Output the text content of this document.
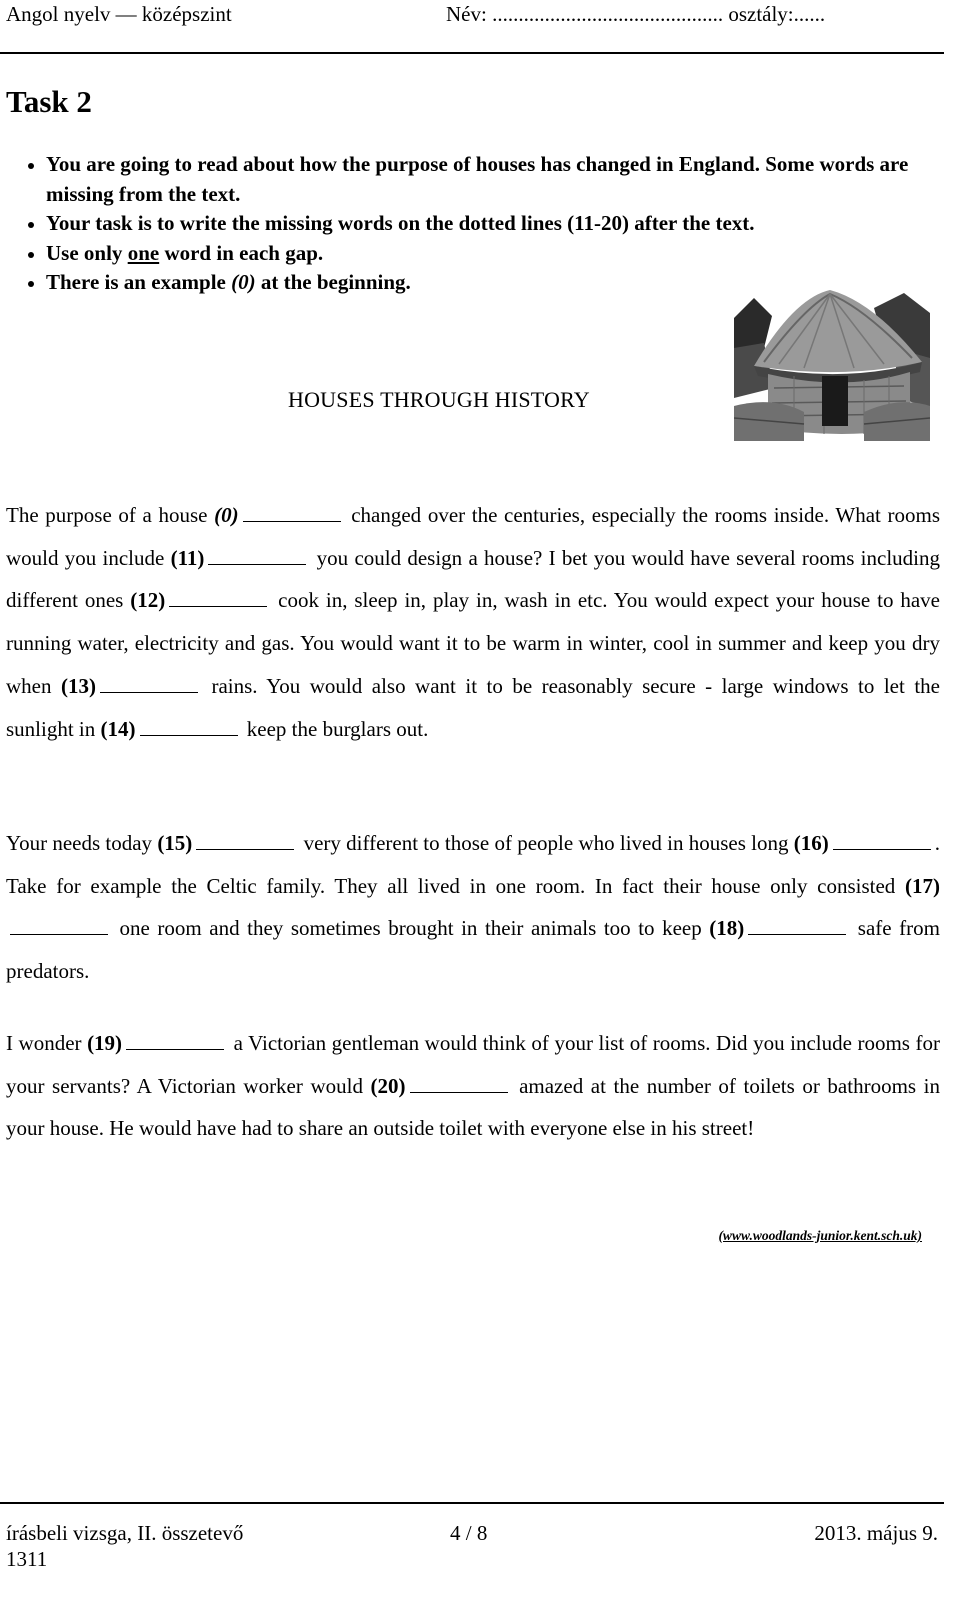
Angol nyelv — középszint	Név: ............................................ osztály:......
Task 2
• You are going to read about how the purpose of houses has changed in England. Some words are missing from the text.
• Your task is to write the missing words on the dotted lines (11-20) after the text.
• Use only one word in each gap.
• There is an example (0) at the beginning.
HOUSES THROUGH HISTORY

The purpose of a house (0)	changed over the centuries, especially the rooms inside. What rooms would you include (11)	you could design a house? I bet you would have several rooms including different ones (12)	cook in, sleep in, play in, wash in etc. You would expect your house to have running water, electricity and gas. You would want it to be warm in winter, cool in summer and keep you dry when (13)	rains. You would also want it to be reasonably secure - large windows to let the sunlight in (14)	keep the burglars out.

Your needs today (15)	very different to those of people who lived in houses long (16)	. Take for example the Celtic family. They all lived in one room. In fact their house only consisted (17) one room and they sometimes brought in their animals too to keep (18)	safe from predators.

I wonder (19)	a Victorian gentleman would think of your list of rooms. Did you include rooms for your servants? A Victorian worker would (20)	amazed at the number of toilets or bathrooms in your house. He would have had to share an outside toilet with everyone else in his street!

(www.woodlands-junior.kent.sch.uk)

írásbeli vizsga, II. összetevő	4 / 8	2013. május 9.
1311
